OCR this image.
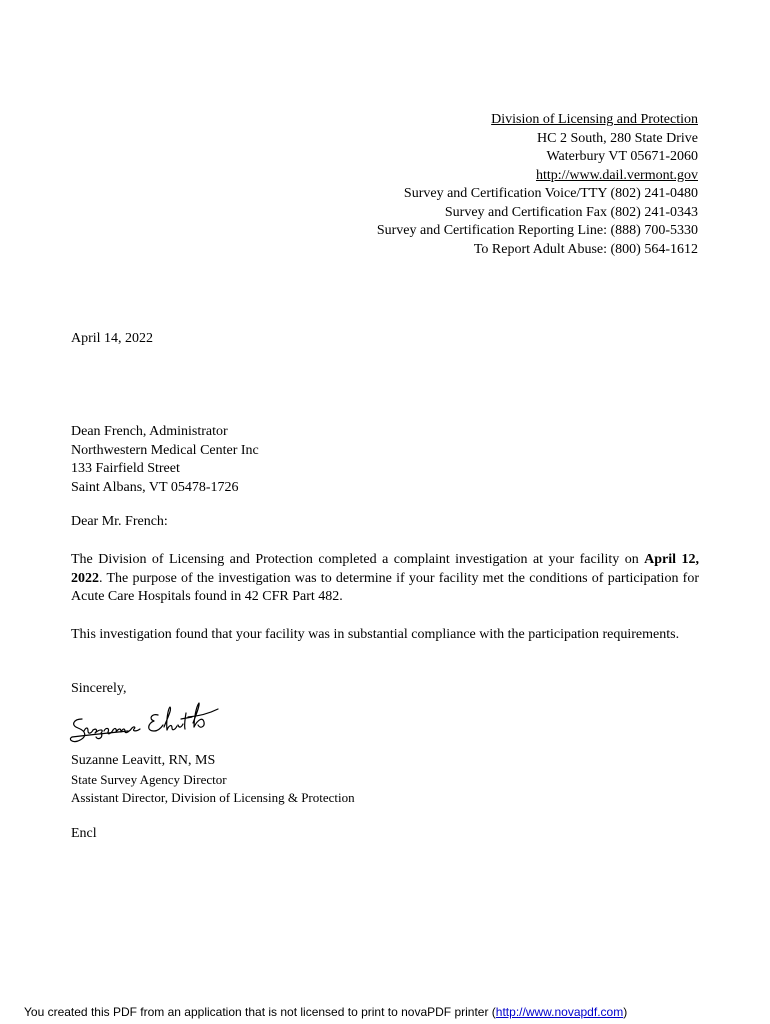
Division of Licensing and Protection
HC 2 South, 280 State Drive
Waterbury VT 05671-2060
http://www.dail.vermont.gov
Survey and Certification Voice/TTY (802) 241-0480
Survey and Certification Fax (802) 241-0343
Survey and Certification Reporting Line: (888) 700-5330
To Report Adult Abuse: (800) 564-1612
April 14, 2022
Dean French, Administrator
Northwestern Medical Center Inc
133 Fairfield Street
Saint Albans, VT 05478-1726
Dear Mr. French:
The Division of Licensing and Protection completed a complaint investigation at your facility on April 12, 2022. The purpose of the investigation was to determine if your facility met the conditions of participation for Acute Care Hospitals found in 42 CFR Part 482.
This investigation found that your facility was in substantial compliance with the participation requirements.
Sincerely,
Suzanne Leavitt, RN, MS
State Survey Agency Director
Assistant Director, Division of Licensing & Protection
Encl
You created this PDF from an application that is not licensed to print to novaPDF printer (http://www.novapdf.com)
